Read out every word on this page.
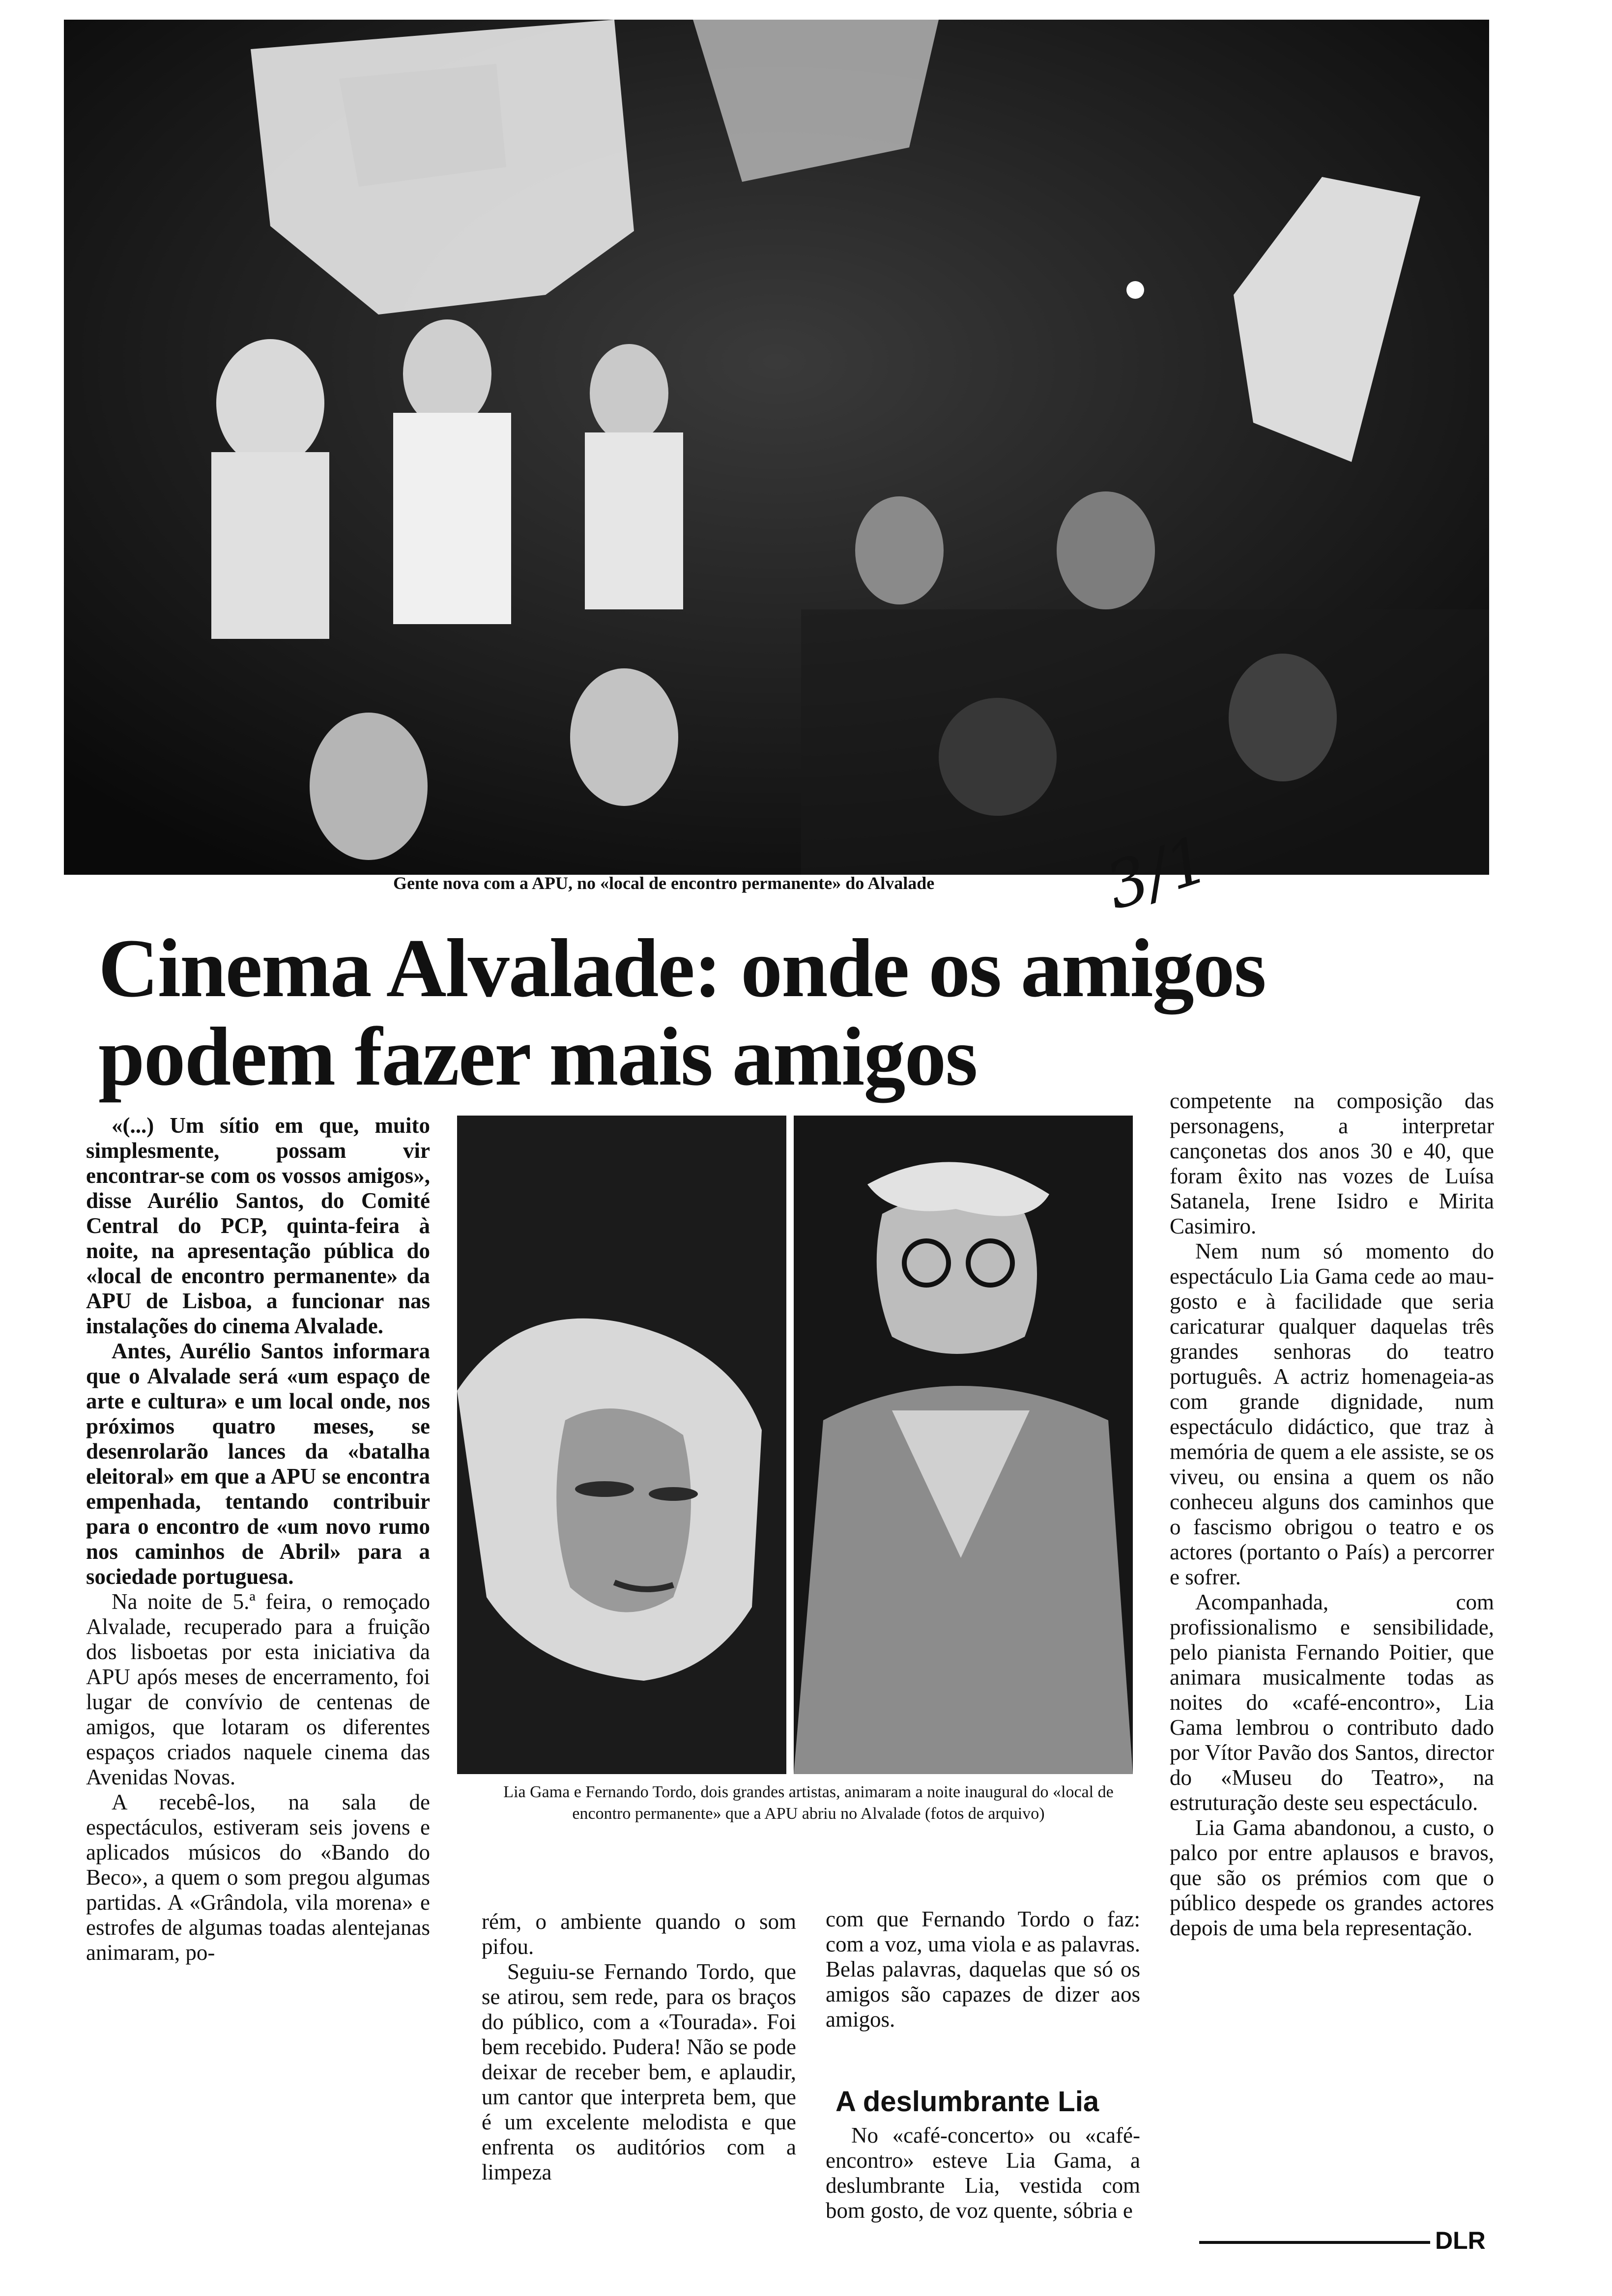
Gente nova com a APU, no «local de encontro permanente» do Alvalade	3/1
Cinema Alvalade: onde os amigos
podem fazer mais amigos

«(...) Um sítio em que, muito simplesmente, possam vir encontrar-se com os vossos amigos», disse Aurélio Santos, do Comité Central do PCP, quinta-feira à noite, na apresentação pública do «local de encontro permanente» da APU de Lisboa, a funcionar nas instalações do cinema Alvalade.

Antes, Aurélio Santos informara que o Alvalade será «um espaço de arte e cultura» e um local onde, nos próximos quatro meses, se desenrolarão lances da «batalha eleitoral» em que a APU se encontra empenhada, tentando contribuir para o encontro de «um novo rumo nos caminhos de Abril» para a sociedade portuguesa.

Na noite de 5.ª feira, o remoçado Alvalade, recuperado para a fruição dos lisboetas por esta iniciativa da APU após meses de encerramento, foi lugar de convívio de centenas de amigos, que lotaram os diferentes espaços criados naquele cinema das Avenidas Novas.

A recebê-los, na sala de espectáculos, estiveram seis jovens e aplicados músicos do «Bando do Beco», a quem o som pregou algumas partidas. A «Grândola, vila morena» e estrofes de algumas toadas alentejanas animaram, po-

Lia Gama e Fernando Tordo, dois grandes artistas, animaram a noite inaugural do «local de encontro permanente» que a APU abriu no Alvalade (fotos de arquivo)

rém, o ambiente quando o som pifou.

Seguiu-se Fernando Tordo, que se atirou, sem rede, para os braços do público, com a «Tourada». Foi bem recebido. Pudera! Não se pode deixar de receber bem, e aplaudir, um cantor que interpreta bem, que é um excelente melodista e que enfrenta os auditórios com a limpeza

com que Fernando Tordo o faz: com a voz, uma viola e as palavras. Belas palavras, daquelas que só os amigos são capazes de dizer aos amigos.

A deslumbrante Lia

No «café-concerto» ou «café-encontro» esteve Lia Gama, a deslumbrante Lia, vestida com bom gosto, de voz quente, sóbria e

competente na composição das personagens, a interpretar cançonetas dos anos 30 e 40, que foram êxito nas vozes de Luísa Satanela, Irene Isidro e Mirita Casimiro.

Nem num só momento do espectáculo Lia Gama cede ao mau-gosto e à facilidade que seria caricaturar qualquer daquelas três grandes senhoras do teatro português. A actriz homenageia-as com grande dignidade, num espectáculo didáctico, que traz à memória de quem a ele assiste, se os viveu, ou ensina a quem os não conheceu alguns dos caminhos que o fascismo obrigou o teatro e os actores (portanto o País) a percorrer e sofrer.

Acompanhada, com profissionalismo e sensibilidade, pelo pianista Fernando Poitier, que animara musicalmente todas as noites do «café-encontro», Lia Gama lembrou o contributo dado por Vítor Pavão dos Santos, director do «Museu do Teatro», na estruturação deste seu espectáculo.

Lia Gama abandonou, a custo, o palco por entre aplausos e bravos, que são os prémios com que o público despede os grandes actores depois de uma bela representação.

DLR
